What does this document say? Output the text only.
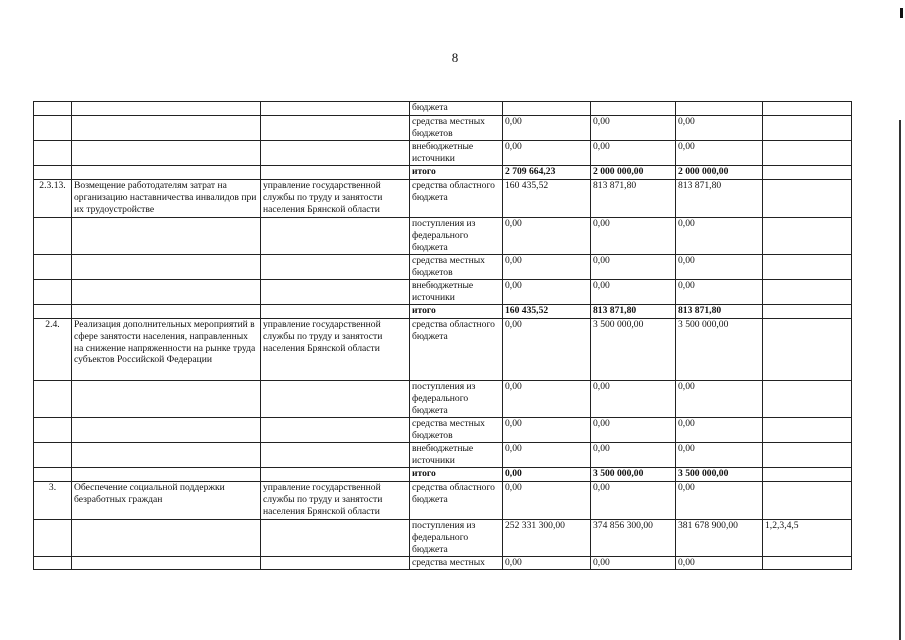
8
			бюджета				
			средства местных бюджетов	0,00	0,00	0,00	
			внебюджетные источники	0,00	0,00	0,00	
			итого	2 709 664,23	2 000 000,00	2 000 000,00	
2.3.13.	Возмещение работодателям затрат на организацию наставничества инвалидов при их трудоустройстве	управление государственной службы по труду и занятости населения Брянской области	средства областного бюджета	160 435,52	813 871,80	813 871,80	
			поступления из федерального бюджета	0,00	0,00	0,00	
			средства местных бюджетов	0,00	0,00	0,00	
			внебюджетные источники	0,00	0,00	0,00	
			итого	160 435,52	813 871,80	813 871,80	
2.4.	Реализация дополнительных мероприятий в сфере занятости населения, направленных на снижение напряженности на рынке труда субъектов Российской Федерации	управление государственной службы по труду и занятости населения Брянской области	средства областного бюджета	0,00	3 500 000,00	3 500 000,00	
			поступления из федерального бюджета	0,00	0,00	0,00	
			средства местных бюджетов	0,00	0,00	0,00	
			внебюджетные источники	0,00	0,00	0,00	
			итого	0,00	3 500 000,00	3 500 000,00	
3.	Обеспечение социальной поддержки безработных граждан	управление государственной службы по труду и занятости населения Брянской области	средства областного бюджета	0,00	0,00	0,00	
			поступления из федерального бюджета	252 331 300,00	374 856 300,00	381 678 900,00	1,2,3,4,5
			средства местных	0,00	0,00	0,00	
